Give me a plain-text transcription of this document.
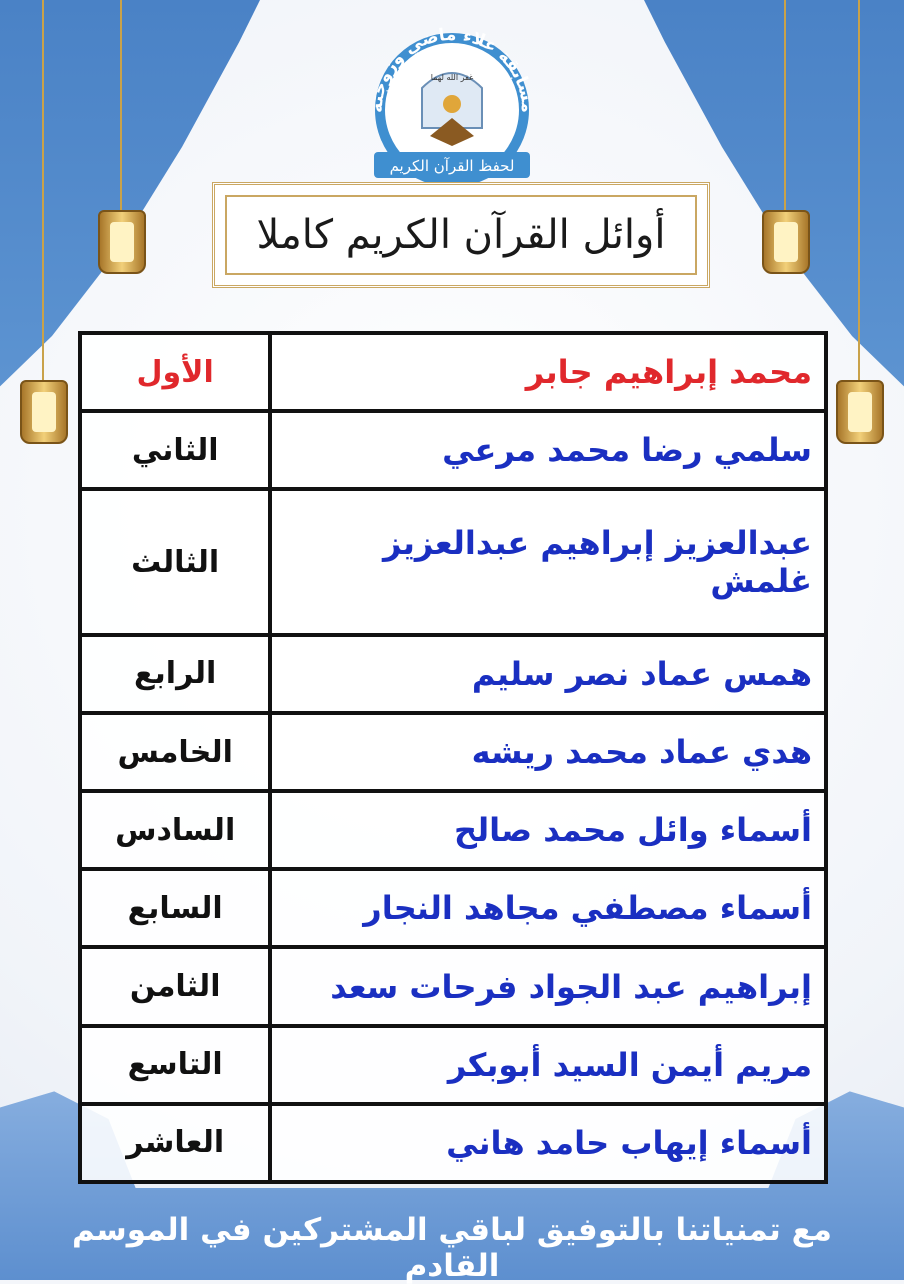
مسابقة علاء ماضي وزوجته
غفر الله لهما
لحفظ القرآن الكريم
أوائل القرآن الكريم كاملا
الأول	محمد إبراهيم جابر
الثاني	سلمي رضا محمد مرعي
الثالث	عبدالعزيز إبراهيم عبدالعزيز غلمش
الرابع	همس عماد نصر سليم
الخامس	هدي عماد محمد ريشه
السادس	أسماء وائل محمد صالح
السابع	أسماء مصطفي مجاهد النجار
الثامن	إبراهيم عبد الجواد فرحات سعد
التاسع	مريم أيمن السيد أبوبكر
العاشر	أسماء إيهاب حامد هاني
مع تمنياتنا بالتوفيق لباقي المشتركين في الموسم القادم
